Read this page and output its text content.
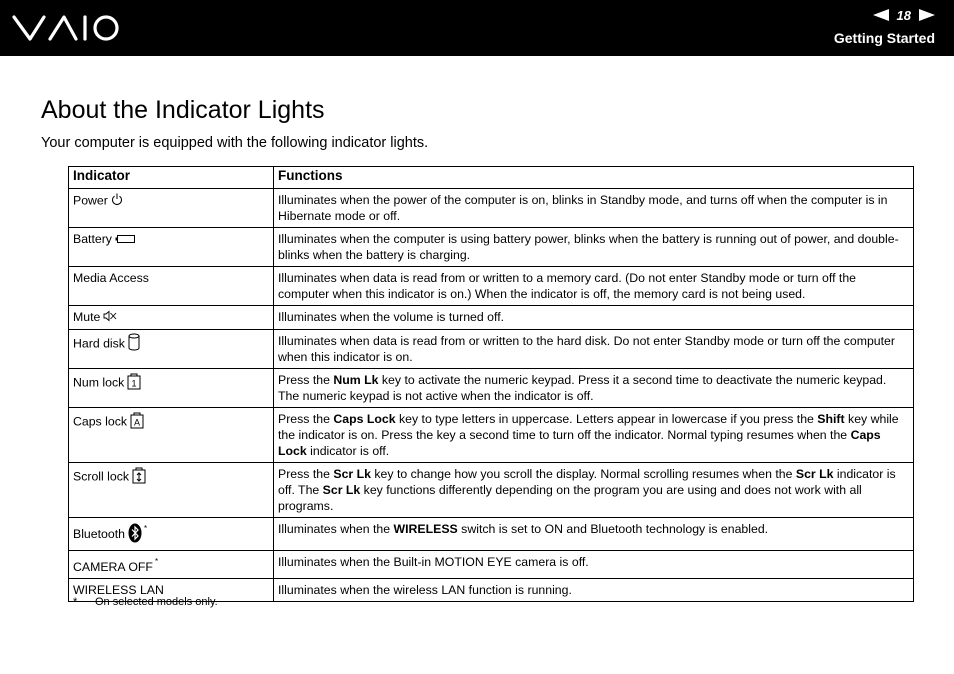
18
Getting Started
About the Indicator Lights

Your computer is equipped with the following indicator lights.

Indicator	Functions
Power	Illuminates when the power of the computer is on, blinks in Standby mode, and turns off when the computer is in Hibernate mode or off.
Battery	Illuminates when the computer is using battery power, blinks when the battery is running out of power, and double-blinks when the battery is charging.
Media Access	Illuminates when data is read from or written to a memory card. (Do not enter Standby mode or turn off the computer when this indicator is on.) When the indicator is off, the memory card is not being used.
Mute	Illuminates when the volume is turned off.
Hard disk	Illuminates when data is read from or written to the hard disk. Do not enter Standby mode or turn off the computer when this indicator is on.
Num lock 1	Press the Num Lk key to activate the numeric keypad. Press it a second time to deactivate the numeric keypad. The numeric keypad is not active when the indicator is off.
Caps lock A	Press the Caps Lock key to type letters in uppercase. Letters appear in lowercase if you press the Shift key while the indicator is on. Press the key a second time to turn off the indicator. Normal typing resumes when the Caps Lock indicator is off.
Scroll lock	Press the Scr Lk key to change how you scroll the display. Normal scrolling resumes when the Scr Lk indicator is off. The Scr Lk key functions differently depending on the program you are using and does not work with all programs.
Bluetooth *	Illuminates when the WIRELESS switch is set to ON and Bluetooth technology is enabled.
CAMERA OFF *	Illuminates when the Built-in MOTION EYE camera is off.
WIRELESS LAN	Illuminates when the wireless LAN function is running.
* On selected models only.
